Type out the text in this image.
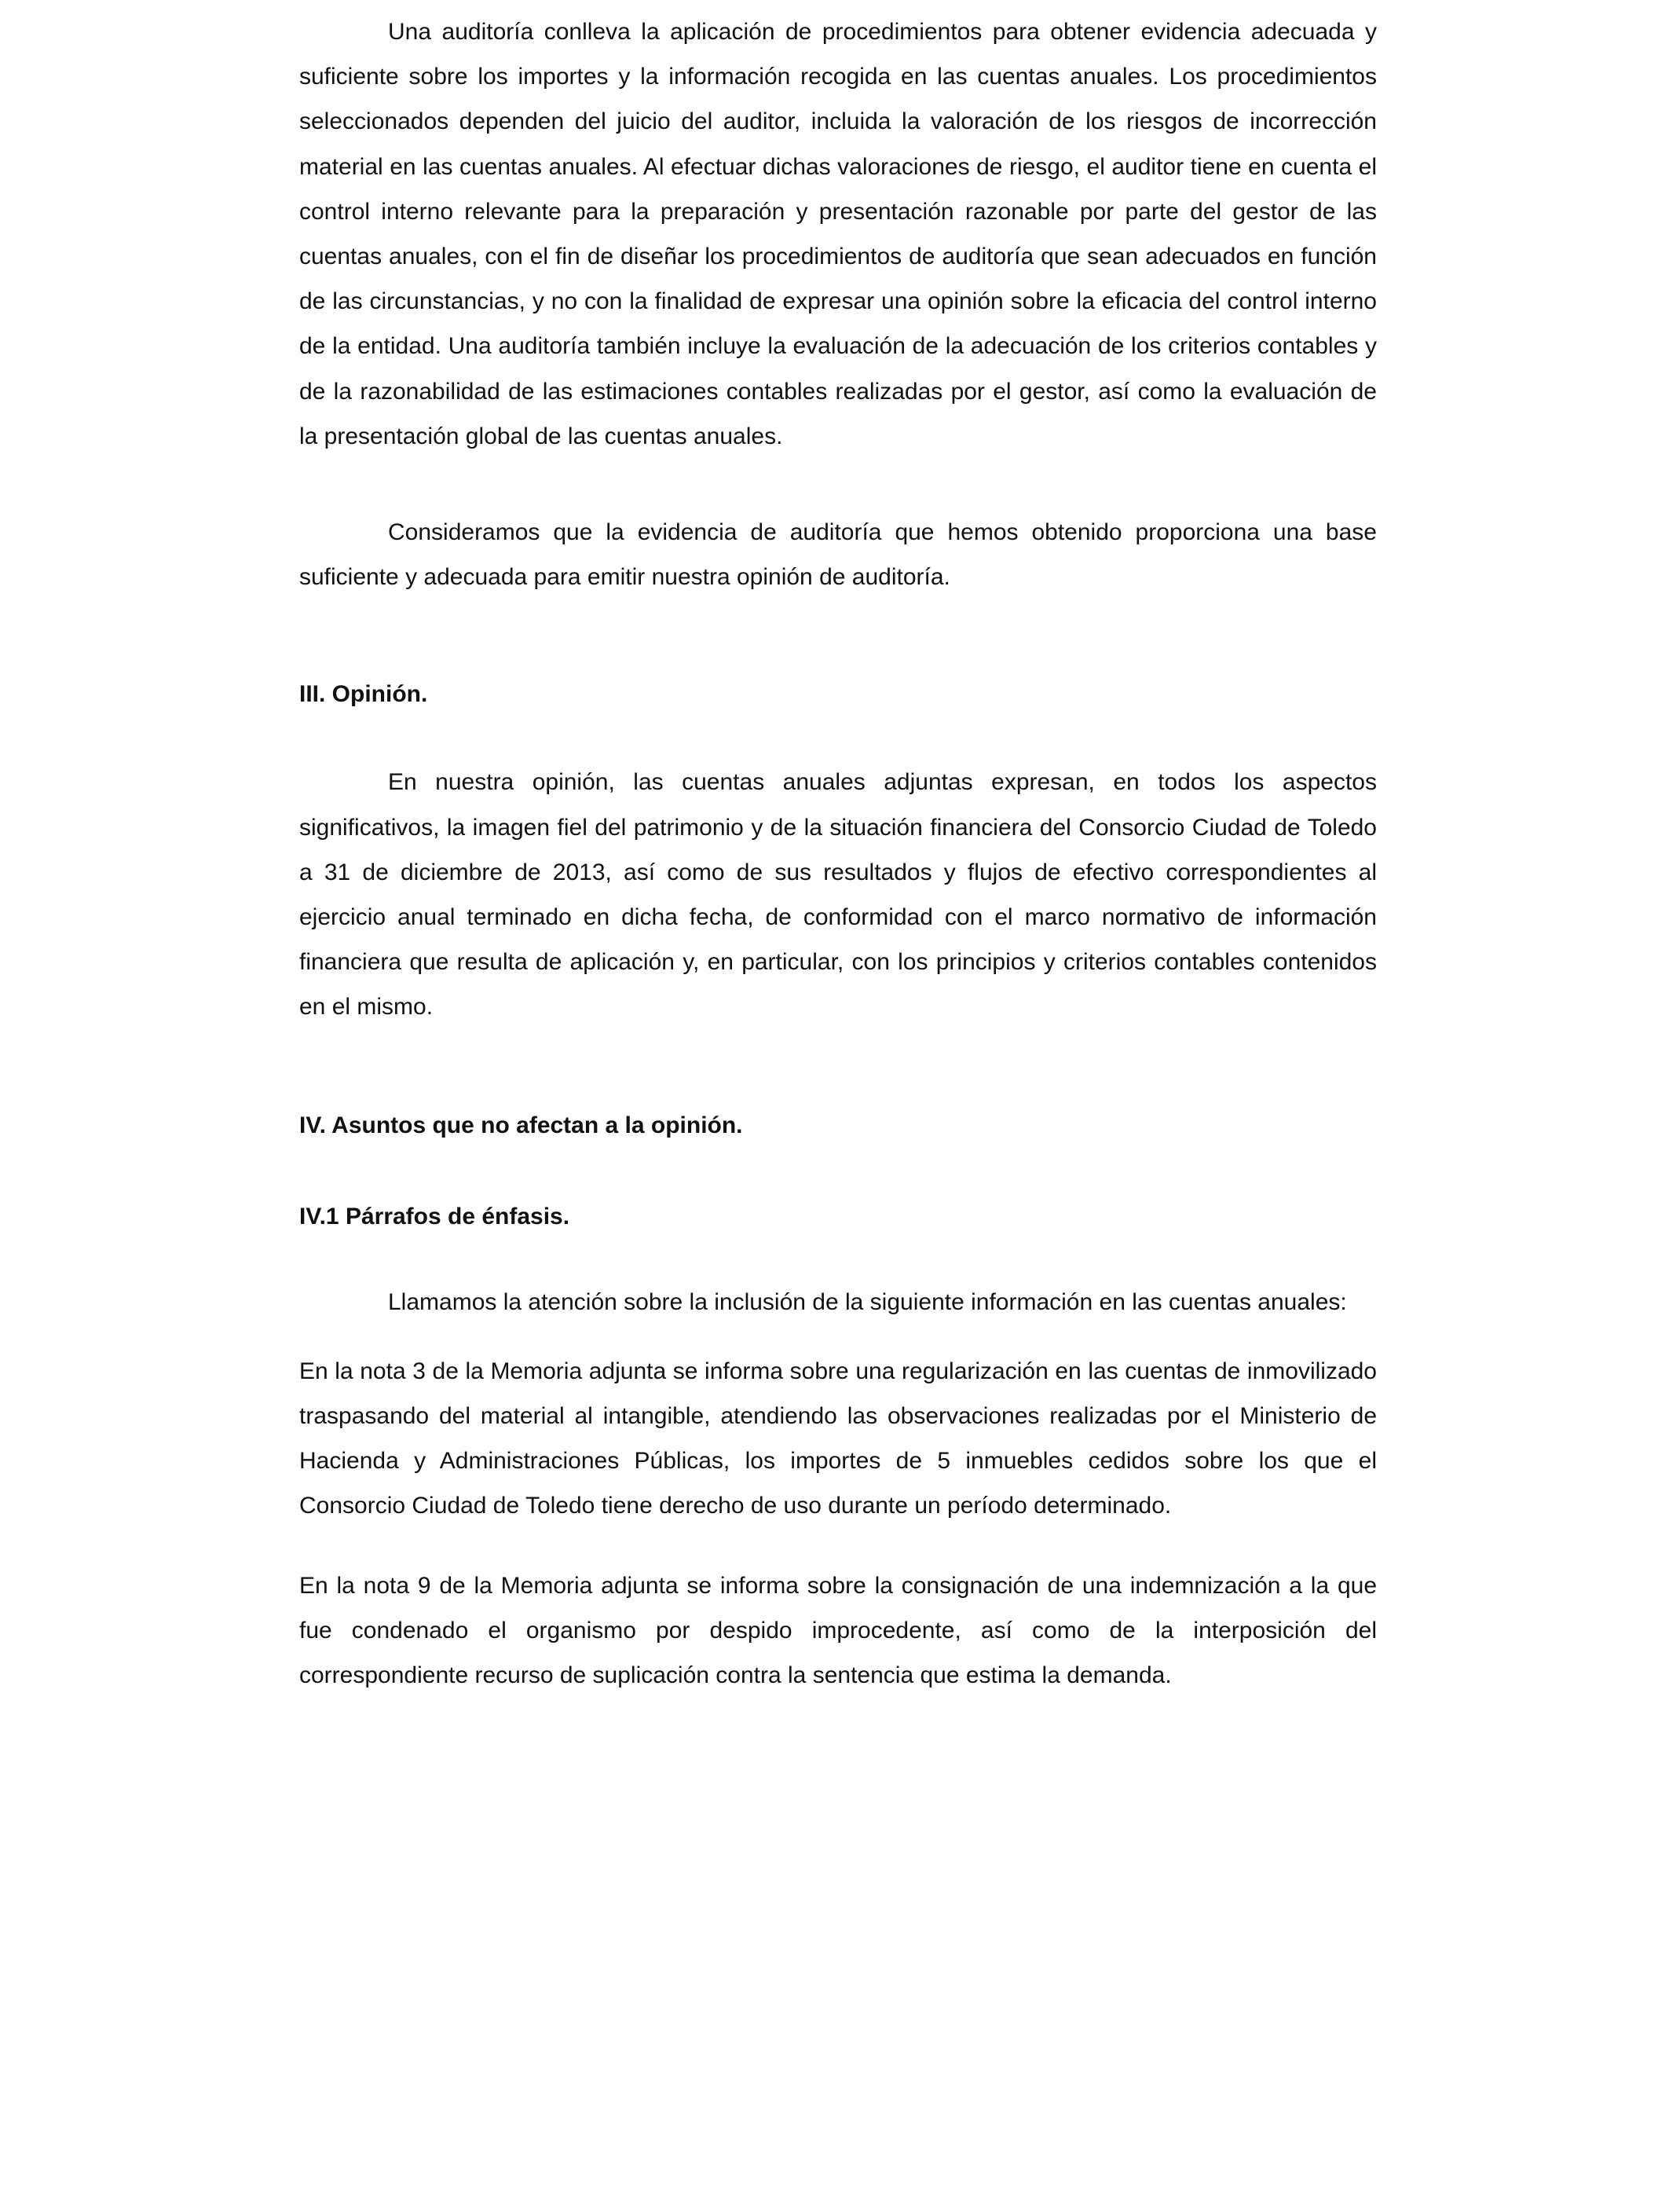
Una auditoría conlleva la aplicación de procedimientos para obtener evidencia adecuada y suficiente sobre los importes y la información recogida en las cuentas anuales. Los procedimientos seleccionados dependen del juicio del auditor, incluida la valoración de los riesgos de incorrección material en las cuentas anuales. Al efectuar dichas valoraciones de riesgo, el auditor tiene en cuenta el control interno relevante para la preparación y presentación razonable por parte del gestor de las cuentas anuales, con el fin de diseñar los procedimientos de auditoría que sean adecuados en función de las circunstancias, y no con la finalidad de expresar una opinión sobre la eficacia del control interno de la entidad. Una auditoría también incluye la evaluación de la adecuación de los criterios contables y de la razonabilidad de las estimaciones contables realizadas por el gestor, así como la evaluación de la presentación global de las cuentas anuales.

Consideramos que la evidencia de auditoría que hemos obtenido proporciona una base suficiente y adecuada para emitir nuestra opinión de auditoría.

III. Opinión.

En nuestra opinión, las cuentas anuales adjuntas expresan, en todos los aspectos significativos, la imagen fiel del patrimonio y de la situación financiera del Consorcio Ciudad de Toledo a 31 de diciembre de 2013, así como de sus resultados y flujos de efectivo correspondientes al ejercicio anual terminado en dicha fecha, de conformidad con el marco normativo de información financiera que resulta de aplicación y, en particular, con los principios y criterios contables contenidos en el mismo.

IV. Asuntos que no afectan a la opinión.

IV.1 Párrafos de énfasis.

Llamamos la atención sobre la inclusión de la siguiente información en las cuentas anuales:

En la nota 3 de la Memoria adjunta se informa sobre una regularización en las cuentas de inmovilizado traspasando del material al intangible, atendiendo las observaciones realizadas por el Ministerio de Hacienda y Administraciones Públicas, los importes de 5 inmuebles cedidos sobre los que el Consorcio Ciudad de Toledo tiene derecho de uso durante un período determinado.

En la nota 9 de la Memoria adjunta se informa sobre la consignación de una indemnización a la que fue condenado el organismo por despido improcedente, así como de la interposición del correspondiente recurso de suplicación contra la sentencia que estima la demanda.
